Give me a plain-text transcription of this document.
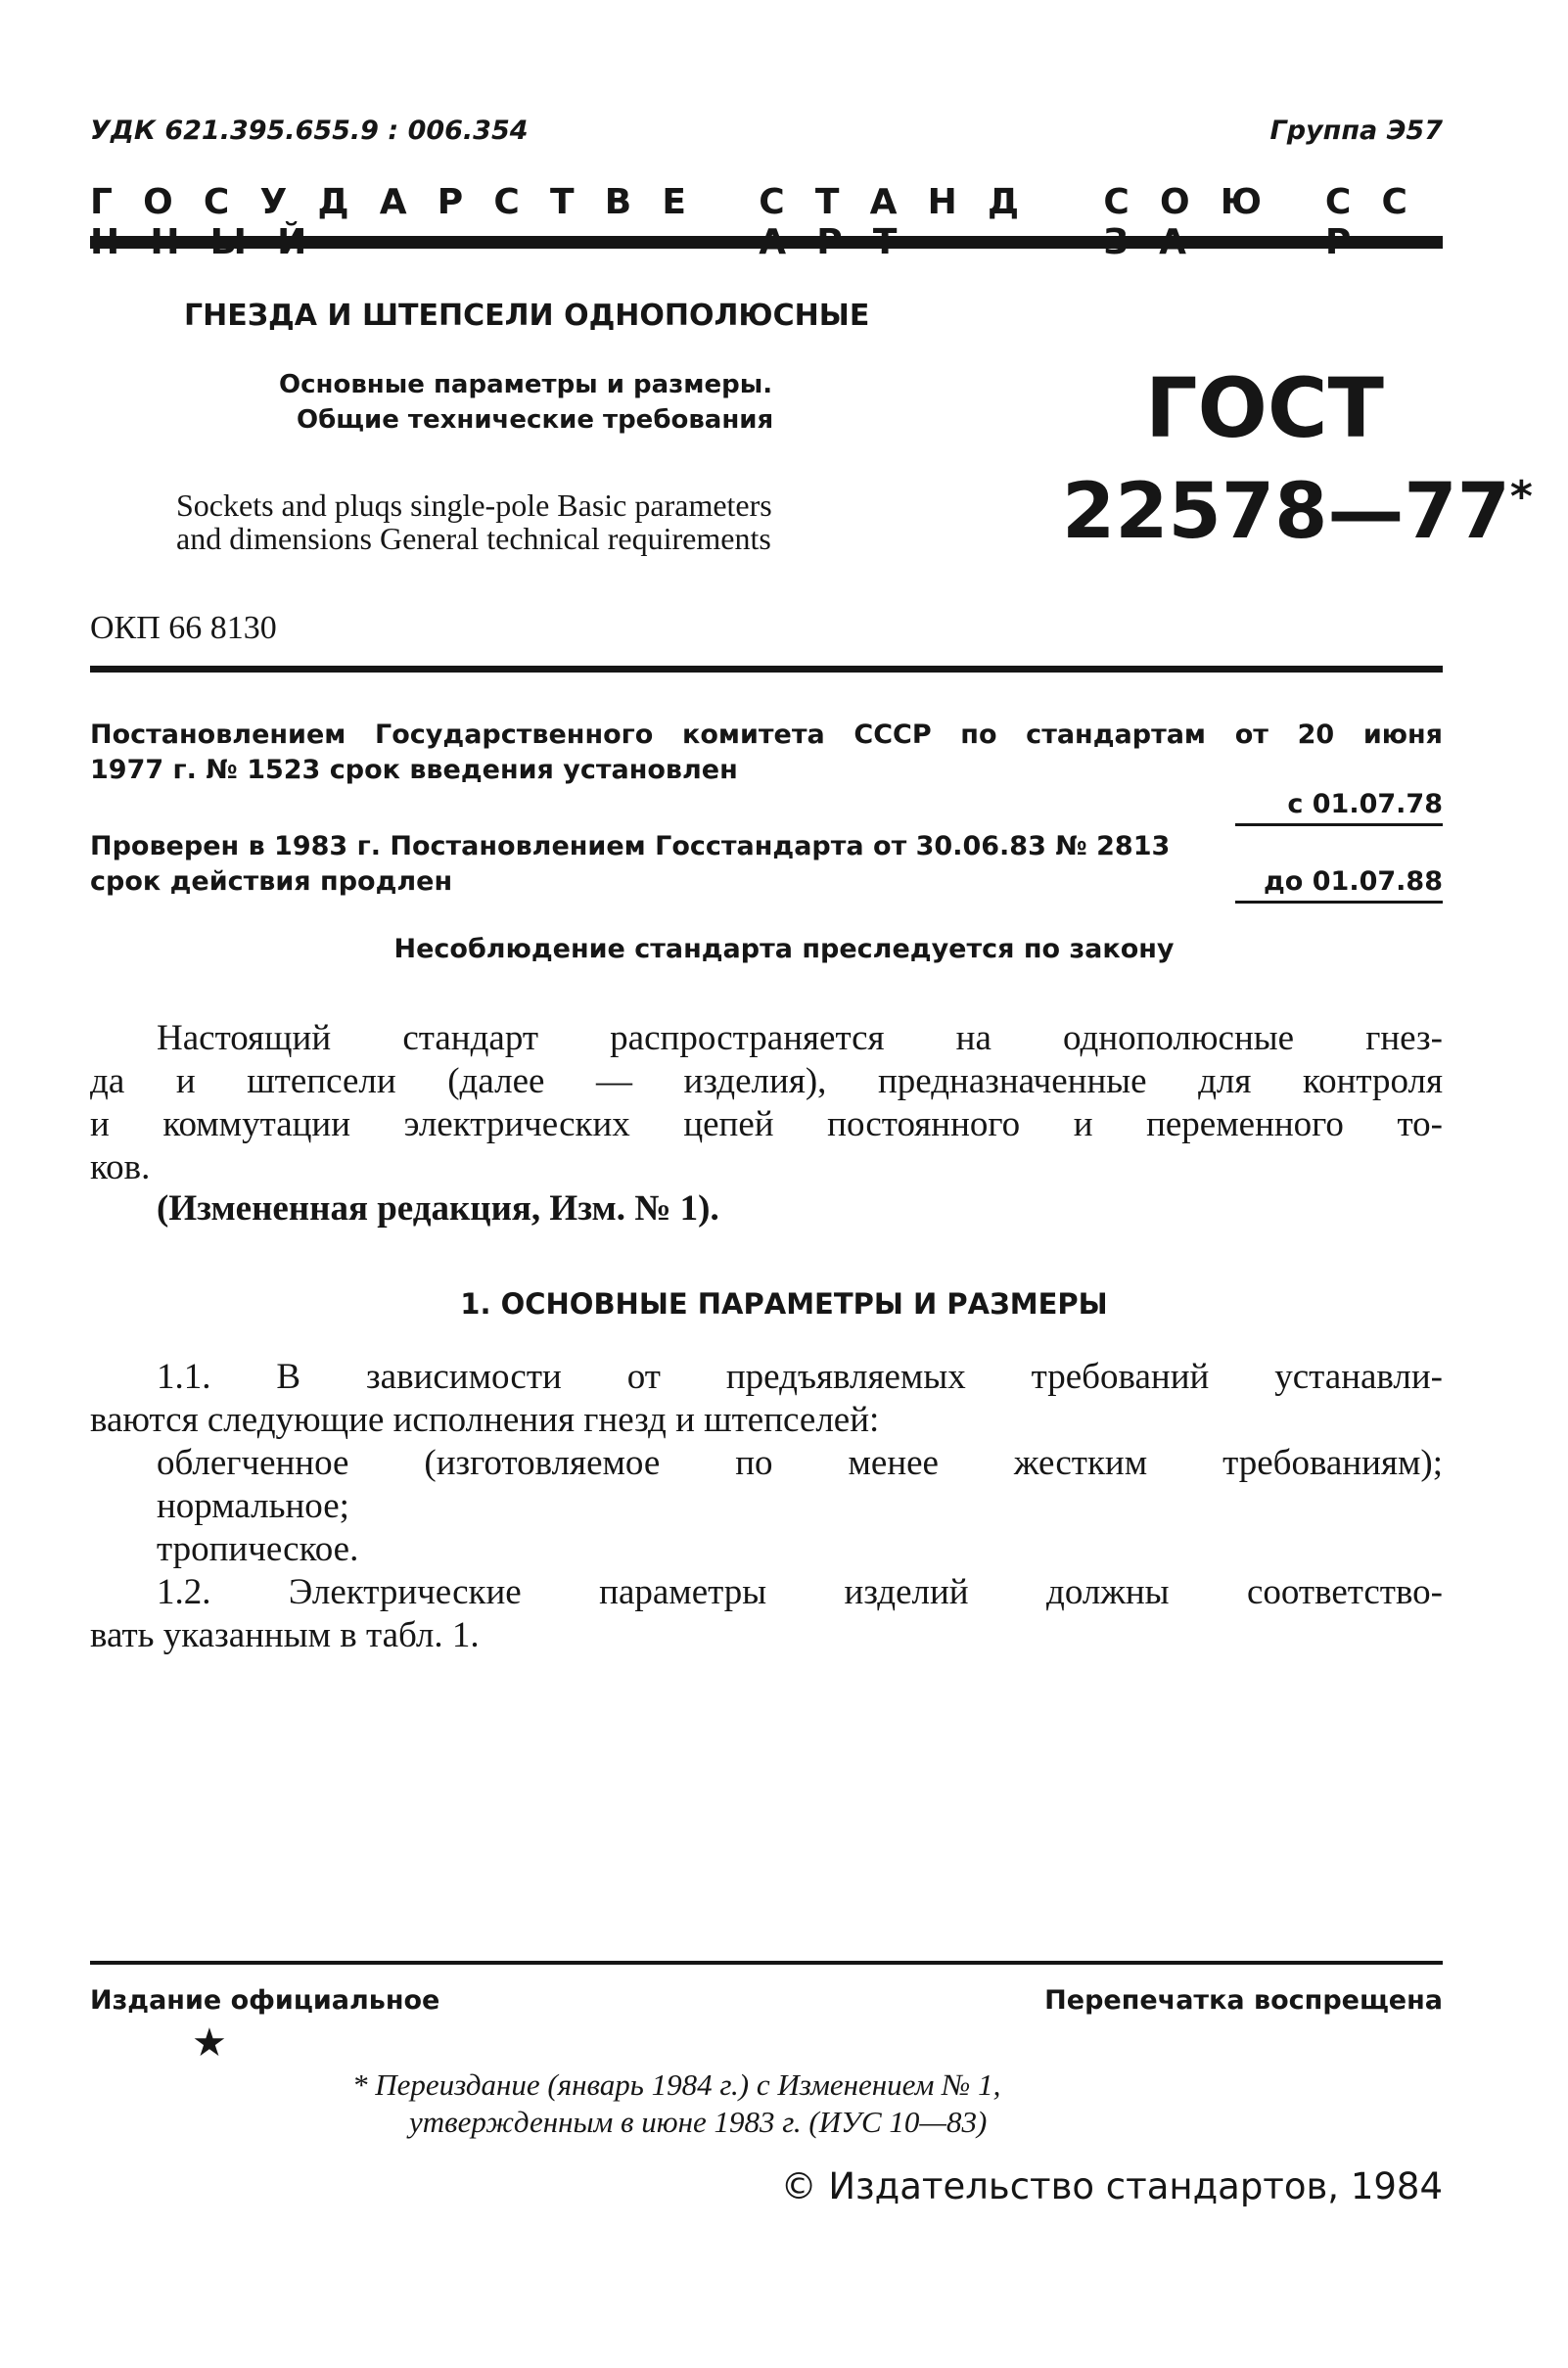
УДК 621.395.655.9 : 006.354	Группа Э57
Г О С У Д А Р С Т В Е    	С Т А Н Д   	С О Ю  	С С 
ГНЕЗДА И ШТЕПСЕЛИ ОДНОПОЛЮСНЫЕ
Основные параметры и размеры.
Общие технические требования
Sockets and pluqs single-pole Basic parameters
and dimensions General technical requirements
ГОСТ
22578—77*
ОКП 66 8130
Постановлением Государственного комитета СССР по стандартам от 20 июня
1977 г. № 1523 срок введения установлен
с 01.07.78
Проверен в 1983 г. Постановлением Госстандарта от 30.06.83 № 2813
срок действия продлен	до 01.07.88
Несоблюдение стандарта преследуется по закону
Настоящий стандарт распространяется на однополюсные гнез-
да и штепсели (далее — изделия), предназначенные для контроля
и коммутации электрических цепей постоянного и переменного то-
ков.
(Измененная редакция, Изм. № 1).
1. ОСНОВНЫЕ ПАРАМЕТРЫ И РАЗМЕРЫ
1.1. В зависимости от предъявляемых требований устанавли-
ваются следующие исполнения гнезд и штепселей:
облегченное (изготовляемое по менее жестким требованиям);
нормальное;
тропическое.
1.2. Электрические параметры изделий должны соответство-
вать указанным в табл. 1.
Издание официальное	Перепечатка воспрещена
★
* Переиздание (январь 1984 г.) с Изменением № 1,
утвержденным в июне 1983 г. (ИУС 10—83)
© Издательство стандартов, 1984
